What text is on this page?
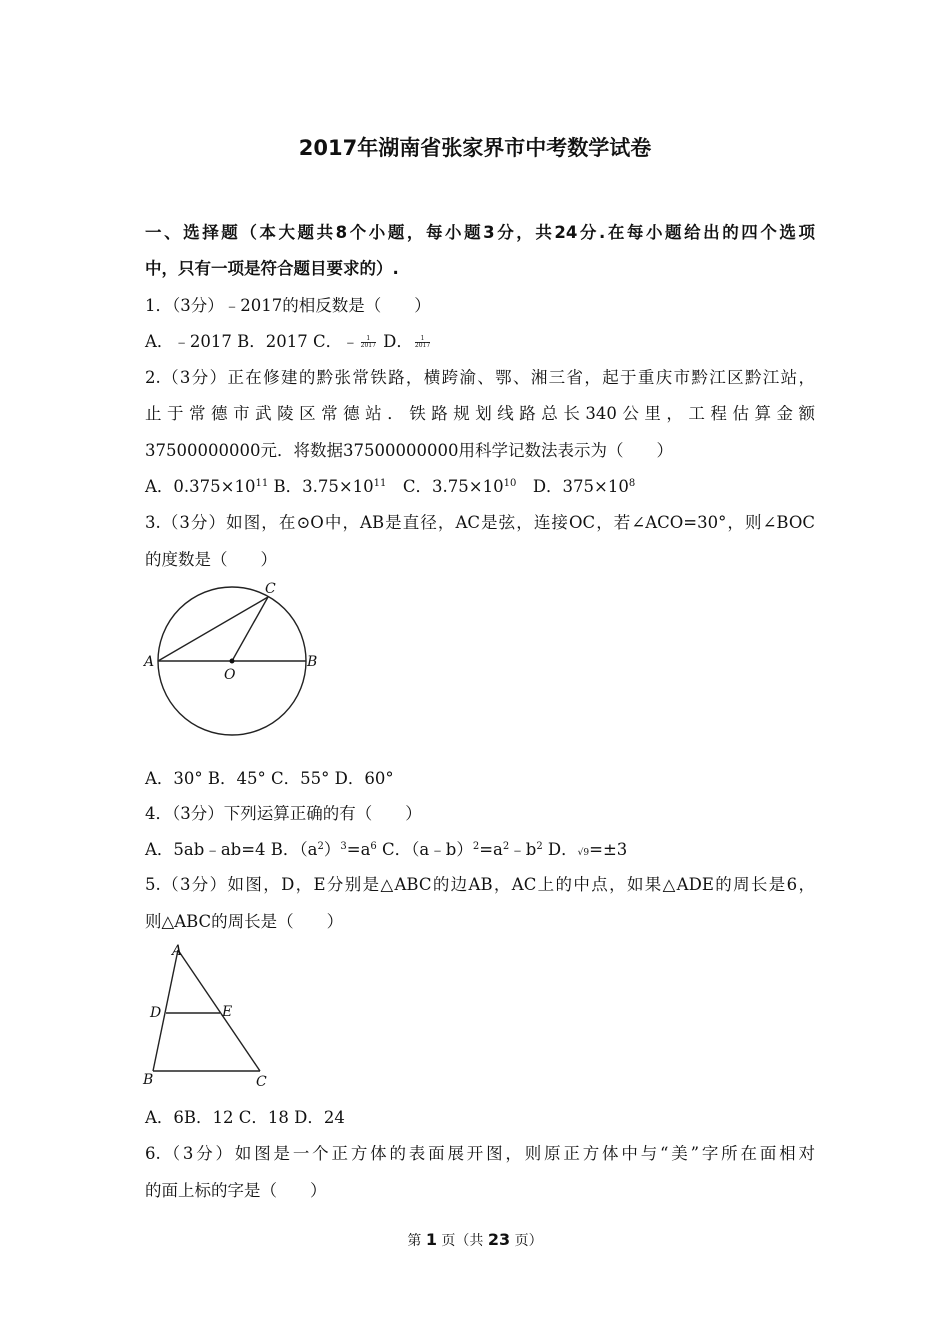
2017年湖南省张家界市中考数学试卷
一、选择题（本大题共8个小题，每小题3分，共24分.在每小题给出的四个选项
中，只有一项是符合题目要求的）.
1．（3分）﹣2017的相反数是（　　）
A．﹣2017 B．2017 C．﹣ $\frac{1}{2017}$ D． $\frac{1}{2017}$
2.（3分）正在修建的黔张常铁路，横跨渝、鄂、湘三省，起于重庆市黔江区黔江站，
止于常德市武陵区常德站．铁路规划线路总长340公里，工程估算金额
37500000000元．将数据37500000000用科学记数法表示为（　　）
A．$0.375\times 10^{11}$ B．$3.75\times 10^{11}$　C．$3.75\times 10^{10}$　D．$375\times 10^8$
3.（3分）如图，在⊙O中，AB是直径，AC是弦，连接OC，若∠ACO=30°，则∠BOC
的度数是（　　）
A	B
C
O
A．30° B．45° C．55° D．60°
4．（3分）下列运算正确的有（　　）
A．5ab﹣ab=4 B．$(a^2)^3=a^6$ C．$(a﹣b)^2=a^2﹣b^2$ D．√9=±3
5.（3分）如图，D，E分别是△ABC的边AB，AC上的中点，如果△ADE的周长是6，
则△ABC的周长是（　　）
A
D	E
B	C
A．6B．12 C．18 D．24
6.（3分）如图是一个正方体的表面展开图，则原正方体中与“美”字所在面相对
的面上标的字是（　　）
第 1 页（共 23 页）
